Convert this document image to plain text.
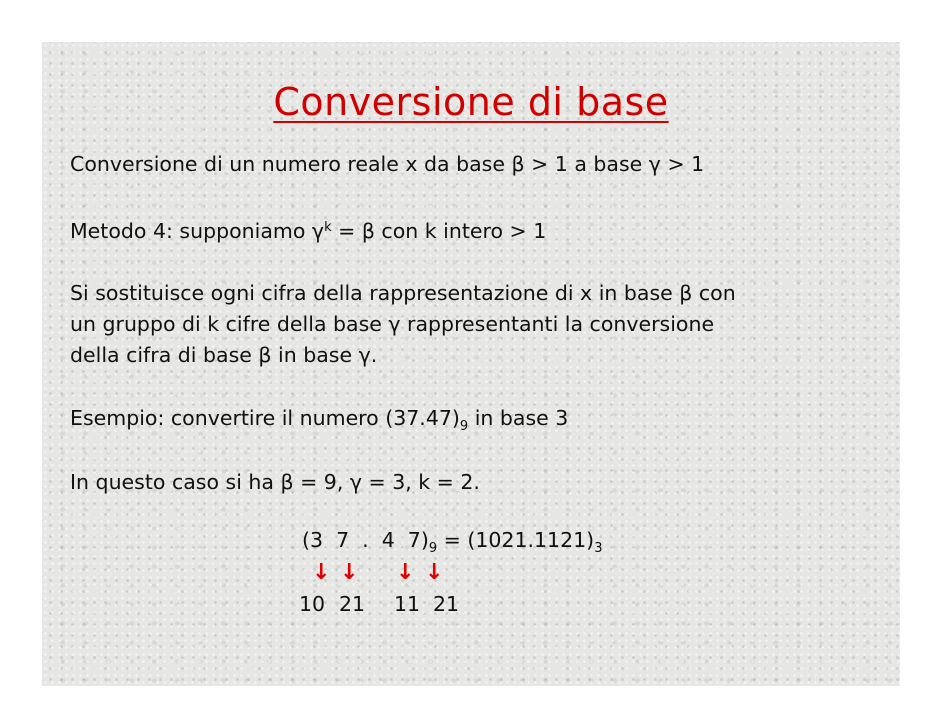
Conversione di base

Conversione di un numero reale x da base β > 1 a base γ > 1

Metodo 4: supponiamo $\gamma^k = \beta$ con k intero > 1

Si sostituisce ogni cifra della rappresentazione di x in base β con
un gruppo di k cifre della base γ rappresentanti la conversione
della cifra di base β in base γ.

Esempio: convertire il numero $(37.47)_9$ in base 3

In questo caso si ha β = 9, γ = 3, k = 2.

(3  7  .  4  $7)_9 = (1021.1121)_3$
↓ ↓ ↓ ↓
10 21 11 21
